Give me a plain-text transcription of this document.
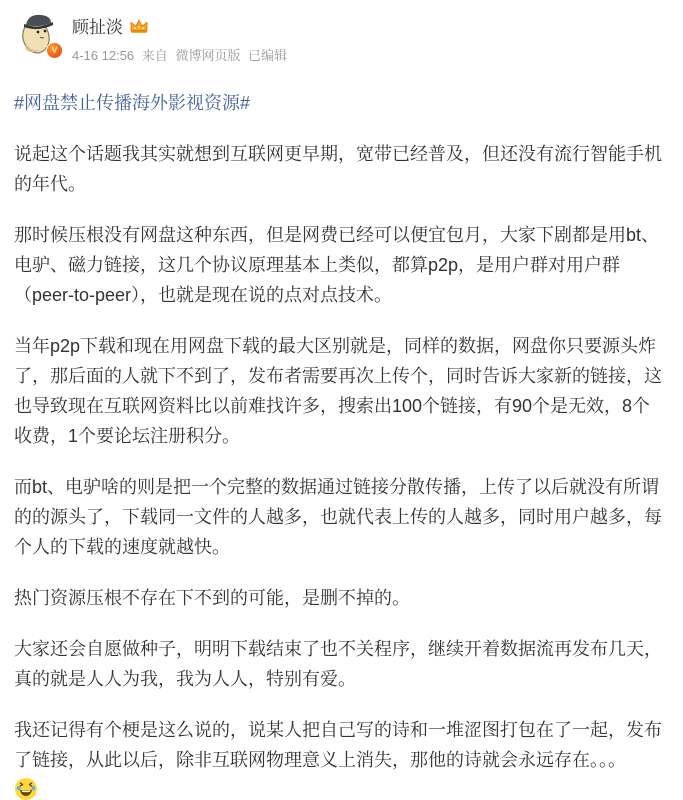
V
顾扯淡
4-16 12:56 来自 微博网页版 已编辑

#网盘禁止传播海外影视资源#

说起这个话题我其实就想到互联网更早期，宽带已经普及，但还没有流行智能手机的年代。

那时候压根没有网盘这种东西，但是网费已经可以便宜包月，大家下剧都是用bt、电驴、磁力链接，这几个协议原理基本上类似，都算p2p，是用户群对用户群（peer-to-peer），也就是现在说的点对点技术。

当年p2p下载和现在用网盘下载的最大区别就是，同样的数据，网盘你只要源头炸了，那后面的人就下不到了，发布者需要再次上传个，同时告诉大家新的链接，这也导致现在互联网资料比以前难找许多，搜索出100个链接，有90个是无效，8个收费，1个要论坛注册积分。

而bt、电驴啥的则是把一个完整的数据通过链接分散传播，上传了以后就没有所谓的的源头了，下载同一文件的人越多，也就代表上传的人越多，同时用户越多，每个人的下载的速度就越快。

热门资源压根不存在下不到的可能，是删不掉的。

大家还会自愿做种子，明明下载结束了也不关程序，继续开着数据流再发布几天，真的就是人人为我，我为人人，特别有爱。

我还记得有个梗是这么说的，说某人把自己写的诗和一堆涩图打包在了一起，发布了链接，从此以后，除非互联网物理意义上消失，那他的诗就会永远存在。。。
